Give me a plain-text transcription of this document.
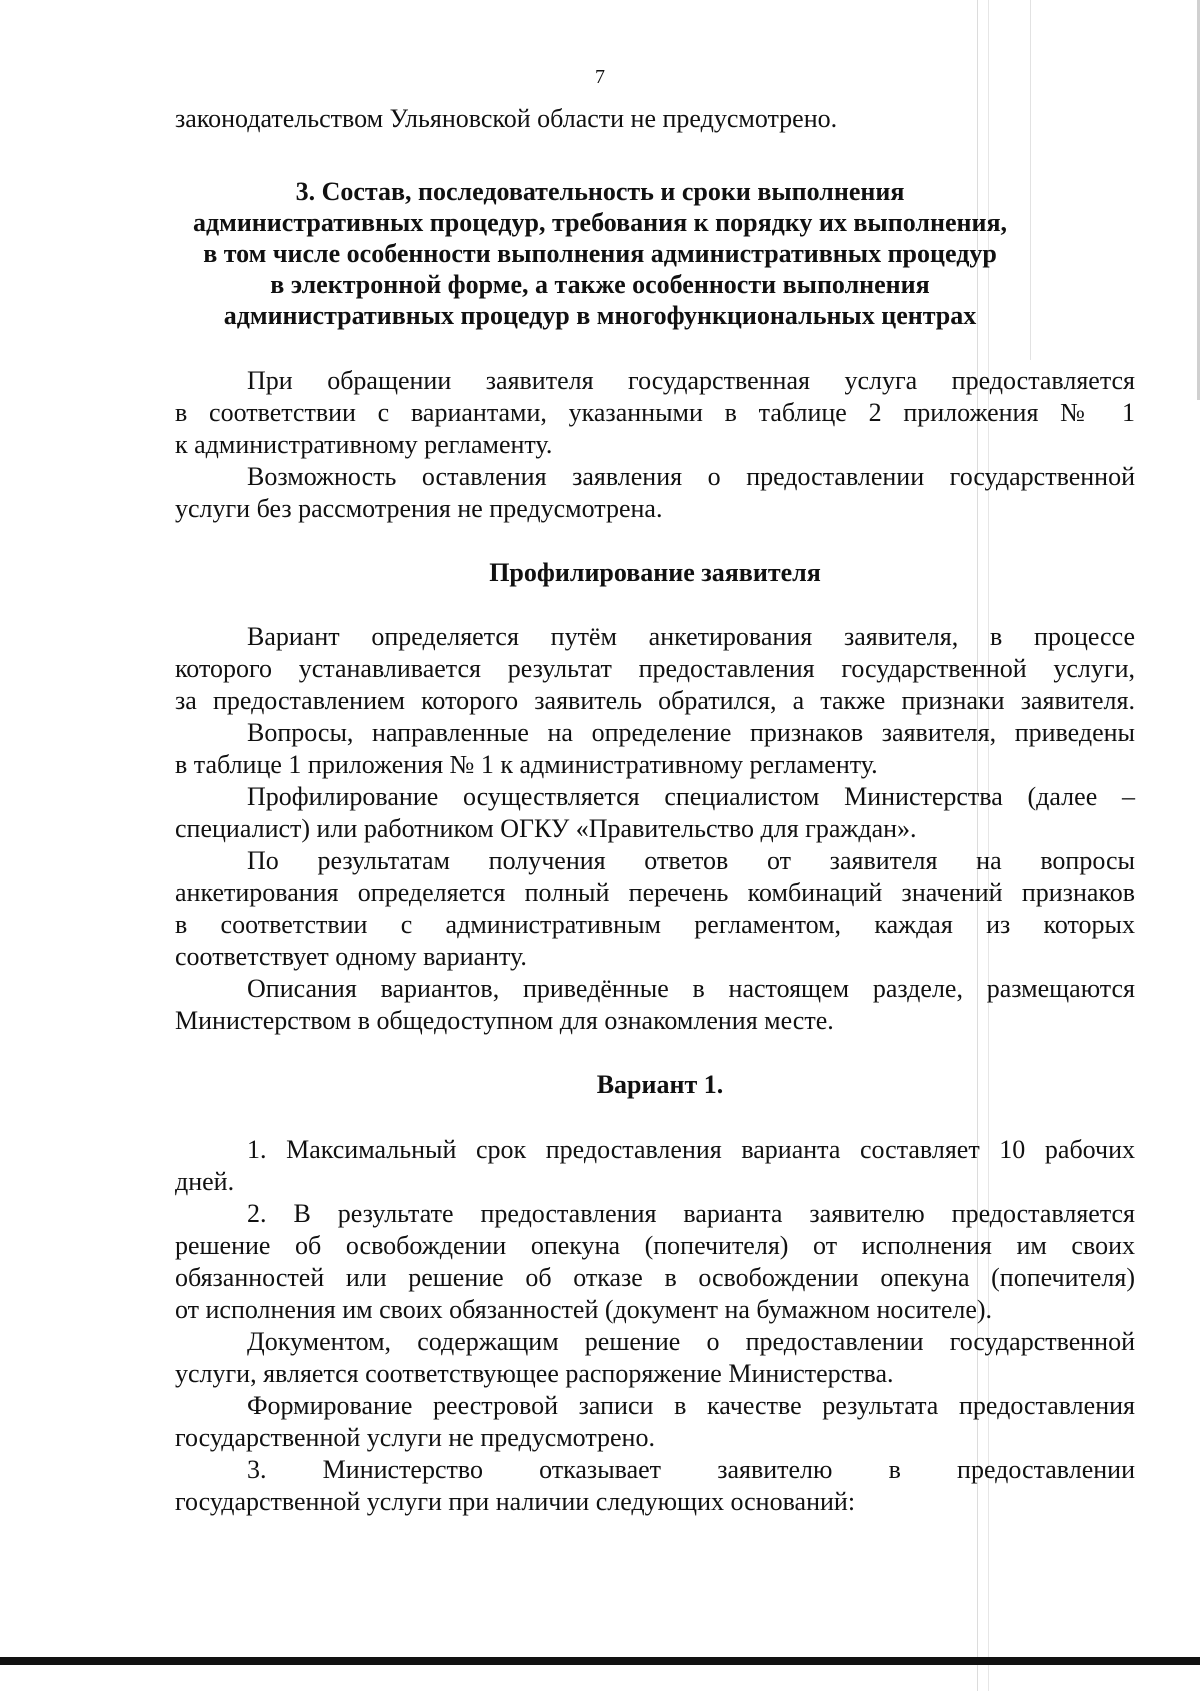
7
законодательством Ульяновской области не предусмотрено.
3. Состав, последовательность и сроки выполнения
административных процедур, требования к порядку их выполнения,
в том числе особенности выполнения административных процедур
в электронной форме, а также особенности выполнения
административных процедур в многофункциональных центрах
При обращении заявителя государственная услуга предоставляется
в соответствии с вариантами, указанными в таблице 2 приложения № 1
к административному регламенту.
Возможность оставления заявления о предоставлении государственной
услуги без рассмотрения не предусмотрена.
Профилирование заявителя
Вариант определяется путём анкетирования заявителя, в процессе
которого устанавливается результат предоставления государственной услуги,
за предоставлением которого заявитель обратился, а также признаки заявителя.
Вопросы, направленные на определение признаков заявителя, приведены
в таблице 1 приложения № 1 к административному регламенту.
Профилирование осуществляется специалистом Министерства (далее –
специалист) или работником ОГКУ «Правительство для граждан».
По результатам получения ответов от заявителя на вопросы
анкетирования определяется полный перечень комбинаций значений признаков
в соответствии с административным регламентом, каждая из которых
соответствует одному варианту.
Описания вариантов, приведённые в настоящем разделе, размещаются
Министерством в общедоступном для ознакомления месте.
Вариант 1.
1. Максимальный срок предоставления варианта составляет 10 рабочих
дней.
2. В результате предоставления варианта заявителю предоставляется
решение об освобождении опекуна (попечителя) от исполнения им своих
обязанностей или решение об отказе в освобождении опекуна (попечителя)
от исполнения им своих обязанностей (документ на бумажном носителе).
Документом, содержащим решение о предоставлении государственной
услуги, является соответствующее распоряжение Министерства.
Формирование реестровой записи в качестве результата предоставления
государственной услуги не предусмотрено.
3. Министерство отказывает заявителю в предоставлении
государственной услуги при наличии следующих оснований:
